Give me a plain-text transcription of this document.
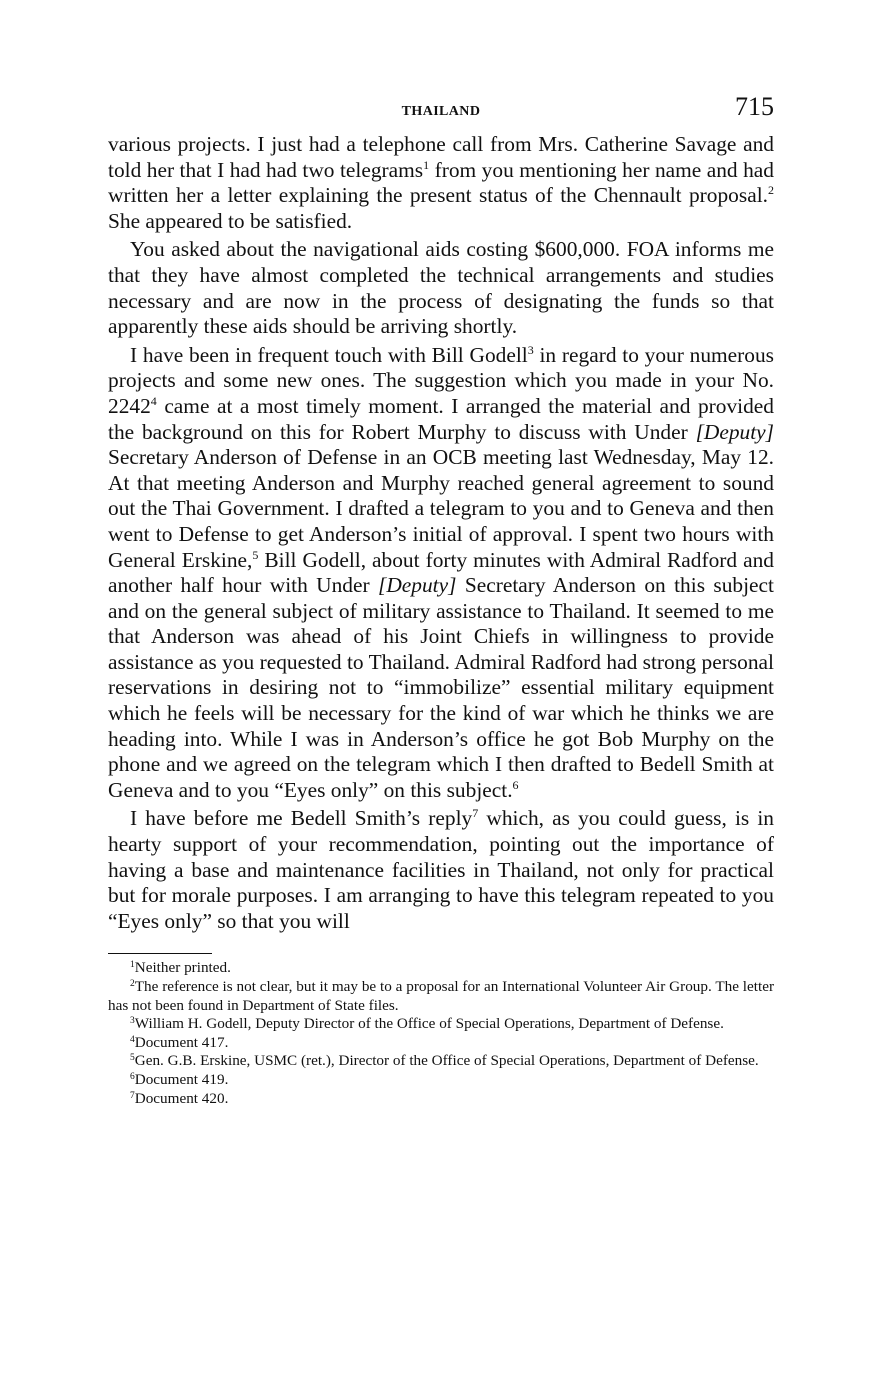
THAILAND	715

various projects. I just had a telephone call from Mrs. Catherine Savage and told her that I had had two telegrams$^1$ from you mentioning her name and had written her a letter explaining the present status of the Chennault proposal.$^2$ She appeared to be satisfied.

You asked about the navigational aids costing $600,000. FOA informs me that they have almost completed the technical arrangements and studies necessary and are now in the process of designating the funds so that apparently these aids should be arriving shortly.

I have been in frequent touch with Bill Godell$^3$ in regard to your numerous projects and some new ones. The suggestion which you made in your No. 2242$^4$ came at a most timely moment. I arranged the material and provided the background on this for Robert Murphy to discuss with Under [Deputy] Secretary Anderson of Defense in an OCB meeting last Wednesday, May 12. At that meeting Anderson and Murphy reached general agreement to sound out the Thai Government. I drafted a telegram to you and to Geneva and then went to Defense to get Anderson’s initial of approval. I spent two hours with General Erskine,$^5$ Bill Godell, about forty minutes with Admiral Radford and another half hour with Under [Deputy] Secretary Anderson on this subject and on the general subject of military assistance to Thailand. It seemed to me that Anderson was ahead of his Joint Chiefs in willingness to provide assistance as you requested to Thailand. Admiral Radford had strong personal reservations in desiring not to “immobilize” essential military equipment which he feels will be necessary for the kind of war which he thinks we are heading into. While I was in Anderson’s office he got Bob Murphy on the phone and we agreed on the telegram which I then drafted to Bedell Smith at Geneva and to you “Eyes only” on this subject.$^6$

I have before me Bedell Smith’s reply$^7$ which, as you could guess, is in hearty support of your recommendation, pointing out the importance of having a base and maintenance facilities in Thailand, not only for practical but for morale purposes. I am arranging to have this telegram repeated to you “Eyes only” so that you will

$^1$Neither printed.

$^2$The reference is not clear, but it may be to a proposal for an International Volunteer Air Group. The letter has not been found in Department of State files.

$^3$William H. Godell, Deputy Director of the Office of Special Operations, Department of Defense.

$^4$Document 417.

$^5$Gen. G.B. Erskine, USMC (ret.), Director of the Office of Special Operations, Department of Defense.

$^6$Document 419.

$^7$Document 420.
